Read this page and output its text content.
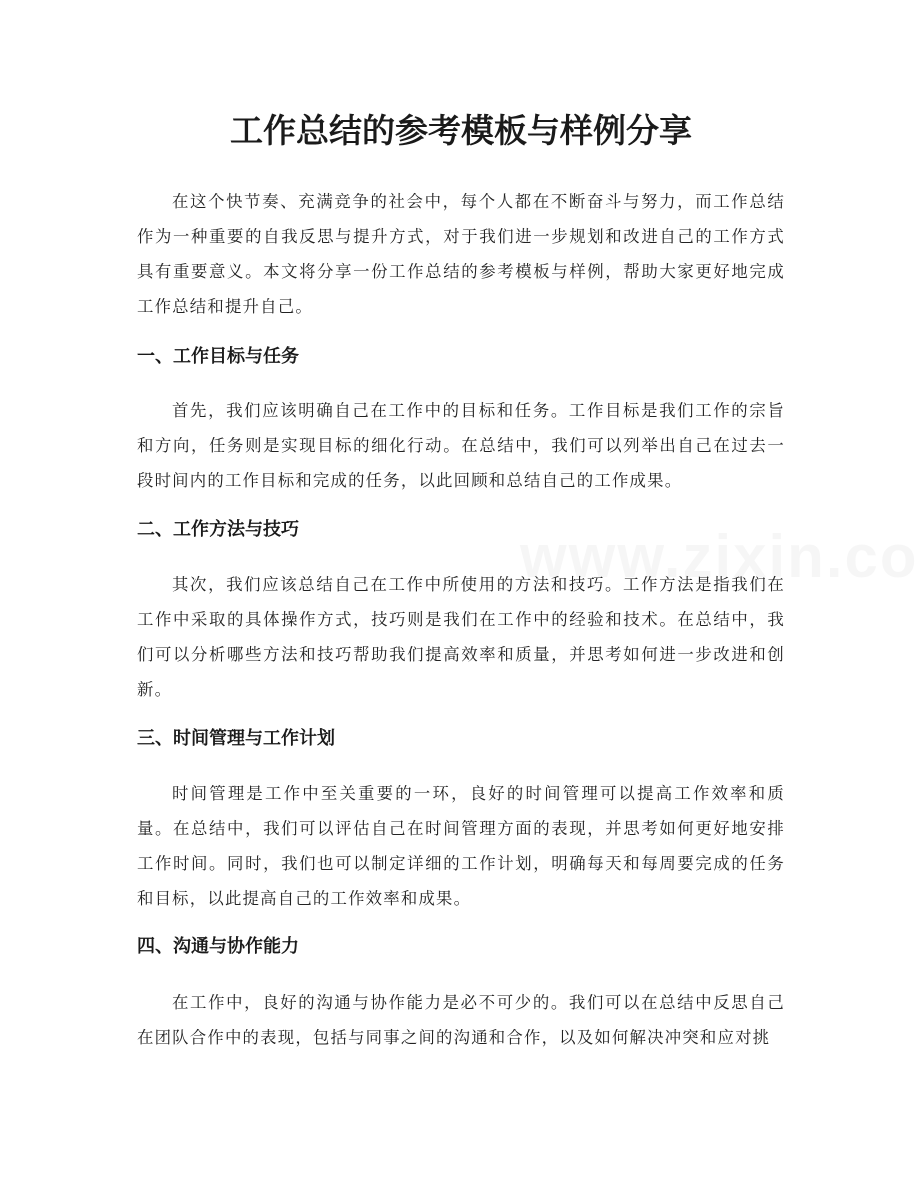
工作总结的参考模板与样例分享

在这个快节奏、充满竞争的社会中，每个人都在不断奋斗与努力，而工作总结作为一种重要的自我反思与提升方式，对于我们进一步规划和改进自己的工作方式具有重要意义。本文将分享一份工作总结的参考模板与样例，帮助大家更好地完成工作总结和提升自己。

一、工作目标与任务

首先，我们应该明确自己在工作中的目标和任务。工作目标是我们工作的宗旨和方向，任务则是实现目标的细化行动。在总结中，我们可以列举出自己在过去一段时间内的工作目标和完成的任务，以此回顾和总结自己的工作成果。

二、工作方法与技巧

其次，我们应该总结自己在工作中所使用的方法和技巧。工作方法是指我们在工作中采取的具体操作方式，技巧则是我们在工作中的经验和技术。在总结中，我们可以分析哪些方法和技巧帮助我们提高效率和质量，并思考如何进一步改进和创新。

三、时间管理与工作计划

时间管理是工作中至关重要的一环，良好的时间管理可以提高工作效率和质量。在总结中，我们可以评估自己在时间管理方面的表现，并思考如何更好地安排工作时间。同时，我们也可以制定详细的工作计划，明确每天和每周要完成的任务和目标，以此提高自己的工作效率和成果。

四、沟通与协作能力

在工作中，良好的沟通与协作能力是必不可少的。我们可以在总结中反思自己在团队合作中的表现，包括与同事之间的沟通和合作，以及如何解决冲突和应对挑
